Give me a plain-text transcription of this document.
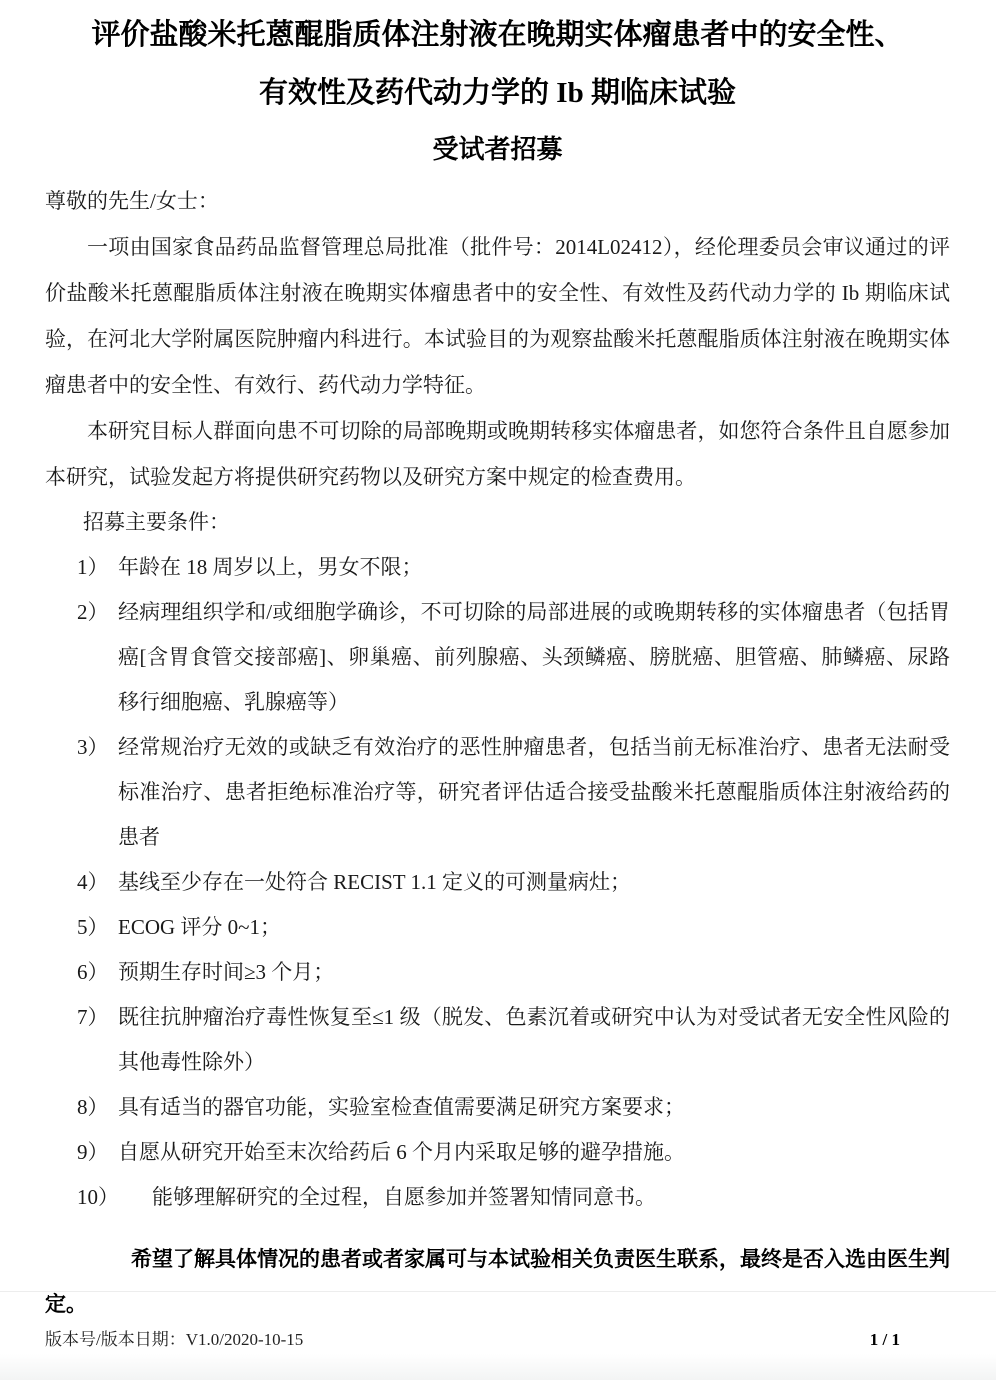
评价盐酸米托蒽醌脂质体注射液在晚期实体瘤患者中的安全性、
有效性及药代动力学的 Ib 期临床试验
受试者招募

尊敬的先生/女士：

一项由国家食品药品监督管理总局批准（批件号：2014L02412），经伦理委员会审议通过的评价盐酸米托蒽醌脂质体注射液在晚期实体瘤患者中的安全性、有效性及药代动力学的 Ib 期临床试验，在河北大学附属医院肿瘤内科进行。本试验目的为观察盐酸米托蒽醌脂质体注射液在晚期实体瘤患者中的安全性、有效行、药代动力学特征。

本研究目标人群面向患不可切除的局部晚期或晚期转移实体瘤患者，如您符合条件且自愿参加本研究，试验发起方将提供研究药物以及研究方案中规定的检查费用。

招募主要条件：

1） 年龄在 18 周岁以上，男女不限；
2） 经病理组织学和/或细胞学确诊，不可切除的局部进展的或晚期转移的实体瘤患者（包括胃癌[含胃食管交接部癌]、卵巢癌、前列腺癌、头颈鳞癌、膀胱癌、胆管癌、肺鳞癌、尿路移行细胞癌、乳腺癌等）
3） 经常规治疗无效的或缺乏有效治疗的恶性肿瘤患者，包括当前无标准治疗、患者无法耐受标准治疗、患者拒绝标准治疗等，研究者评估适合接受盐酸米托蒽醌脂质体注射液给药的患者
4） 基线至少存在一处符合 RECIST 1.1 定义的可测量病灶；
5） ECOG 评分 0~1；
6） 预期生存时间≥3 个月；
7） 既往抗肿瘤治疗毒性恢复至≤1 级（脱发、色素沉着或研究中认为对受试者无安全性风险的其他毒性除外）
8） 具有适当的器官功能，实验室检查值需要满足研究方案要求；
9） 自愿从研究开始至末次给药后 6 个月内采取足够的避孕措施。
10）	能够理解研究的全过程，自愿参加并签署知情同意书。

希望了解具体情况的患者或者家属可与本试验相关负责医生联系，最终是否入选由医生判定。

版本号/版本日期：V1.0/2020-10-15	1 / 1
